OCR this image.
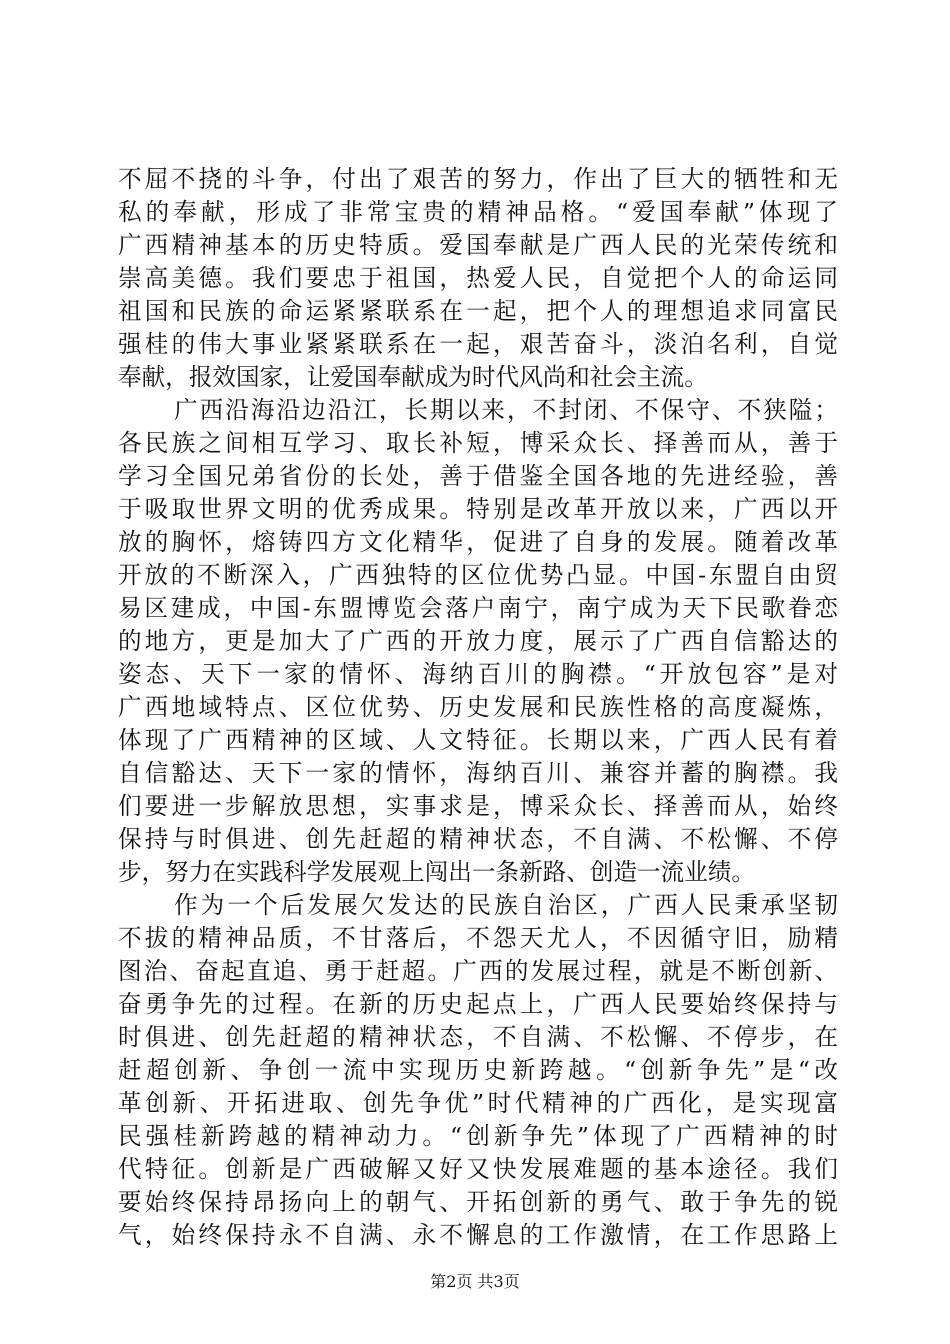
不屈不挠的斗争，付出了艰苦的努力，作出了巨大的牺牲和无
私的奉献，形成了非常宝贵的精神品格。“爱国奉献”体现了
广西精神基本的历史特质。爱国奉献是广西人民的光荣传统和
崇高美德。我们要忠于祖国，热爱人民，自觉把个人的命运同
祖国和民族的命运紧紧联系在一起，把个人的理想追求同富民
强桂的伟大事业紧紧联系在一起，艰苦奋斗，淡泊名利，自觉
奉献，报效国家，让爱国奉献成为时代风尚和社会主流。
广西沿海沿边沿江，长期以来，不封闭、不保守、不狭隘；
各民族之间相互学习、取长补短，博采众长、择善而从，善于
学习全国兄弟省份的长处，善于借鉴全国各地的先进经验，善
于吸取世界文明的优秀成果。特别是改革开放以来，广西以开
放的胸怀，熔铸四方文化精华，促进了自身的发展。随着改革
开放的不断深入，广西独特的区位优势凸显。中国-东盟自由贸
易区建成，中国-东盟博览会落户南宁，南宁成为天下民歌眷恋
的地方，更是加大了广西的开放力度，展示了广西自信豁达的
姿态、天下一家的情怀、海纳百川的胸襟。“开放包容”是对
广西地域特点、区位优势、历史发展和民族性格的高度凝炼，
体现了广西精神的区域、人文特征。长期以来，广西人民有着
自信豁达、天下一家的情怀，海纳百川、兼容并蓄的胸襟。我
们要进一步解放思想，实事求是，博采众长、择善而从，始终
保持与时俱进、创先赶超的精神状态，不自满、不松懈、不停
步，努力在实践科学发展观上闯出一条新路、创造一流业绩。
作为一个后发展欠发达的民族自治区，广西人民秉承坚韧
不拔的精神品质，不甘落后，不怨天尤人，不因循守旧，励精
图治、奋起直追、勇于赶超。广西的发展过程，就是不断创新、
奋勇争先的过程。在新的历史起点上，广西人民要始终保持与
时俱进、创先赶超的精神状态，不自满、不松懈、不停步，在
赶超创新、争创一流中实现历史新跨越。“创新争先”是“改
革创新、开拓进取、创先争优”时代精神的广西化，是实现富
民强桂新跨越的精神动力。“创新争先”体现了广西精神的时
代特征。创新是广西破解又好又快发展难题的基本途径。我们
要始终保持昂扬向上的朝气、开拓创新的勇气、敢于争先的锐
气，始终保持永不自满、永不懈息的工作激情，在工作思路上
第2页 共3页
